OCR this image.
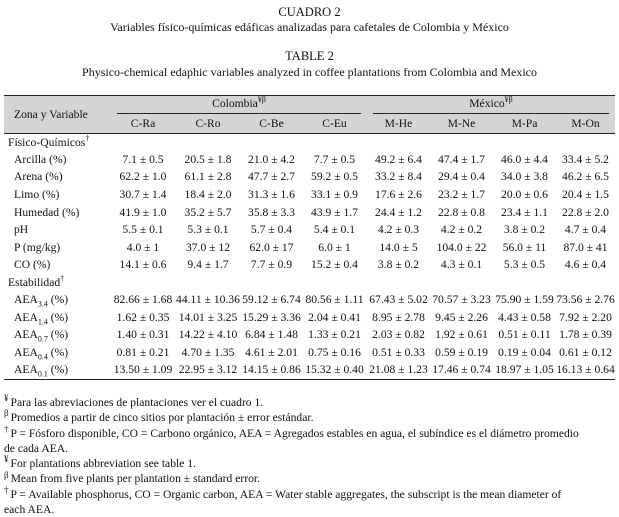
CUADRO 2
Variables físico-químicas edáficas analizadas para cafetales de Colombia y México
TABLE 2
Physico-chemical edaphic variables analyzed in coffee plantations from Colombia and Mexico
Zona y Variable	Colombia$^{¥\beta}$				México$^{¥\beta}$

	C-Ra	C-Ro	C-Be	C-Eu	M-He	M-Ne	M-Pa	M-On
Físico-Químicos†
Arcilla (%)	7.1 ± 0.5	20.5 ± 1.8	21.0 ± 4.2	7.7 ± 0.5	49.2 ± 6.4	47.4 ± 1.7	46.0 ± 4.4	33.4 ± 5.2
Arena (%)	62.2 ± 1.0	61.1 ± 2.8	47.7 ± 2.7	59.2 ± 0.5	33.2 ± 8.4	29.4 ± 0.4	34.0 ± 3.8	46.2 ± 6.5
Limo (%)	30.7 ± 1.4	18.4 ± 2.0	31.3 ± 1.6	33.1 ± 0.9	17.6 ± 2.6	23.2 ± 1.7	20.0 ± 0.6	20.4 ± 1.5
Humedad (%)	41.9 ± 1.0	35.2 ± 5.7	35.8 ± 3.3	43.9 ± 1.7	24.4 ± 1.2	22.8 ± 0.8	23.4 ± 1.1	22.8 ± 2.0
pH	5.5 ± 0.1	5.3 ± 0.1	5.7 ± 0.4	5.4 ± 0.1	4.2 ± 0.3	4.2 ± 0.2	3.8 ± 0.2	4.7 ± 0.4
P (mg/kg)	4.0 ± 1	37.0 ± 12	62.0 ± 17	6.0 ± 1	14.0 ± 5	104.0 ± 22	56.0 ± 11	87.0 ± 41
CO (%)	14.1 ± 0.6	9.4 ± 1.7	7.7 ± 0.9	15.2 ± 0.4	3.8 ± 0.2	4.3 ± 0.1	5.3 ± 0.5	4.6 ± 0.4
Estabilidad†
$AEA_{3.4}$ (%)	82.66 ± 1.68	44.11 ± 10.36	59.12 ± 6.74	80.56 ± 1.11	67.43 ± 5.02	70.57 ± 3.23	75.90 ± 1.59	73.56 ± 2.76
$AEA_{1.4}$ (%)	1.62 ± 0.35	14.01 ± 3.25	15.29 ± 3.36	2.04 ± 0.41	8.95 ± 2.78	9.45 ± 2.26	4.43 ± 0.58	7.92 ± 2.20
$AEA_{0.7}$ (%)	1.40 ± 0.31	14.22 ± 4.10	6.84 ± 1.48	1.33 ± 0.21	2.03 ± 0.82	1.92 ± 0.61	0.51 ± 0.11	1.78 ± 0.39
$AEA_{0.4}$ (%)	0.81 ± 0.21	4.70 ± 1.35	4.61 ± 2.01	0.75 ± 0.16	0.51 ± 0.33	0.59 ± 0.19	0.19 ± 0.04	0.61 ± 0.12
$AEA_{0.1}$ (%)	13.50 ± 1.09	22.95 ± 3.12	14.15 ± 0.86	15.32 ± 0.40	21.08 ± 1.23	17.46 ± 0.74	18.97 ± 1.05	16.13 ± 0.64
¥ Para las abreviaciones de plantaciones ver el cuadro 1.
$^\beta$ Promedios a partir de cinco sitios por plantación ± error estándar.
† P = Fósforo disponible, CO = Carbono orgánico, AEA = Agregados estables en agua, el subíndice es el diámetro promedio
de cada AEA.
¥ For plantations abbreviation see table 1.
$^\beta$ Mean from five plants per plantation ± standard error.
† P = Available phosphorus, CO = Organic carbon, AEA = Water stable aggregates, the subscript is the mean diameter of
each AEA.
